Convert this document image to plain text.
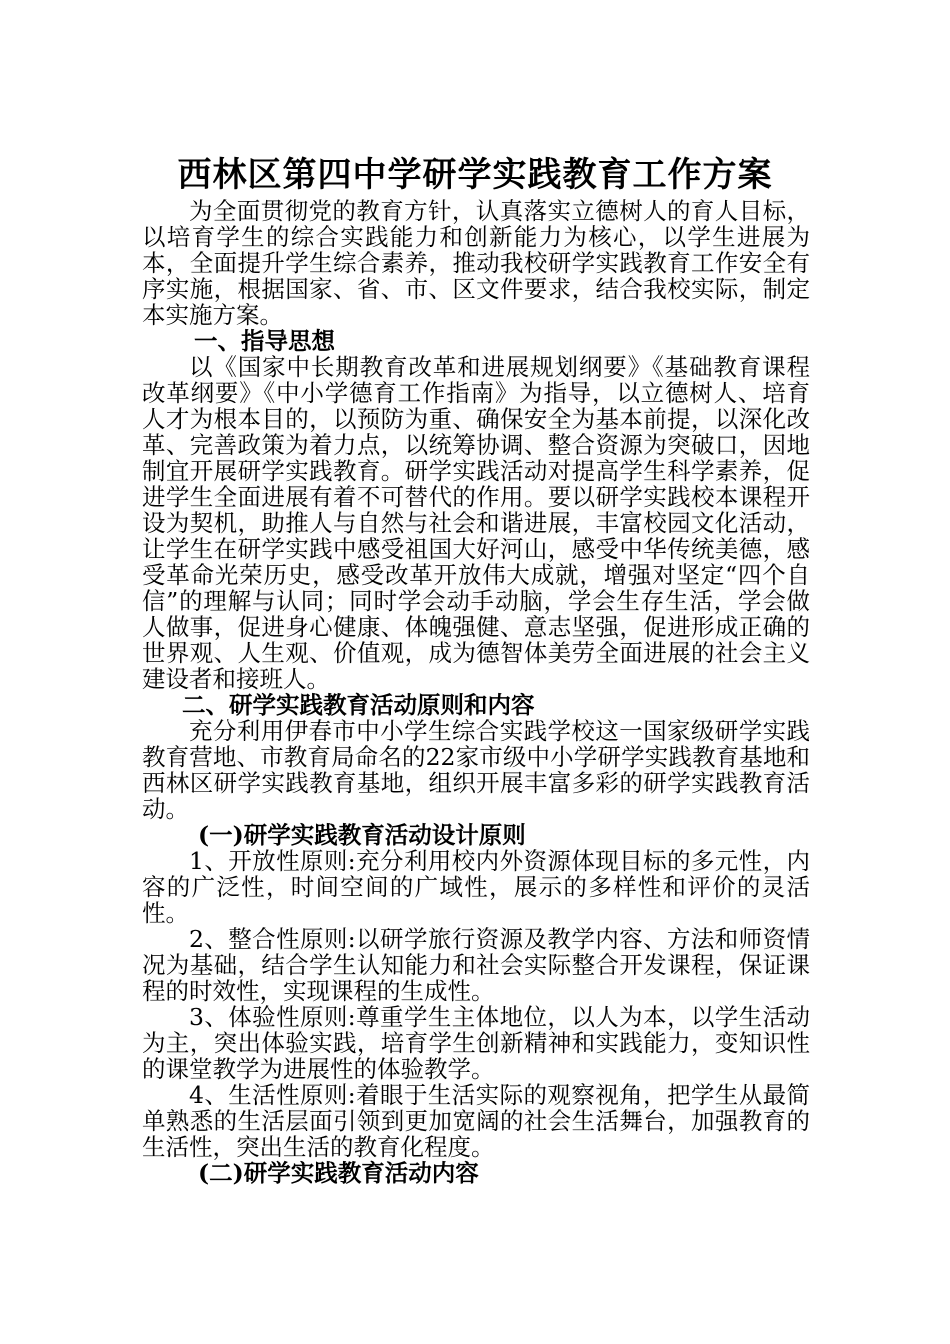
西林区第四中学研学实践教育工作方案

为全面贯彻党的教育方针，认真落实立德树人的育人目标，以培育学生的综合实践能力和创新能力为核心，以学生进展为本，全面提升学生综合素养，推动我校研学实践教育工作安全有序实施，根据国家、省、市、区文件要求，结合我校实际，制定本实施方案。

一、指导思想

以《国家中长期教育改革和进展规划纲要》《基础教育课程改革纲要》《中小学德育工作指南》为指导，以立德树人、培育人才为根本目的，以预防为重、确保安全为基本前提，以深化改革、完善政策为着力点，以统筹协调、整合资源为突破口，因地制宜开展研学实践教育。研学实践活动对提高学生科学素养，促进学生全面进展有着不可替代的作用。要以研学实践校本课程开设为契机，助推人与自然与社会和谐进展，丰富校园文化活动，让学生在研学实践中感受祖国大好河山，感受中华传统美德，感受革命光荣历史，感受改革开放伟大成就，增强对坚定“四个自信”的理解与认同；同时学会动手动脑，学会生存生活，学会做人做事，促进身心健康、体魄强健、意志坚强，促进形成正确的世界观、人生观、价值观，成为德智体美劳全面进展的社会主义建设者和接班人。

二、研学实践教育活动原则和内容

充分利用伊春市中小学生综合实践学校这一国家级研学实践教育营地、市教育局命名的22家市级中小学研学实践教育基地和西林区研学实践教育基地，组织开展丰富多彩的研学实践教育活动。

(一)研学实践教育活动设计原则

1、开放性原则:充分利用校内外资源体现目标的多元性，内容的广泛性，时间空间的广域性，展示的多样性和评价的灵活性。

2、整合性原则:以研学旅行资源及教学内容、方法和师资情况为基础，结合学生认知能力和社会实际整合开发课程，保证课程的时效性，实现课程的生成性。

3、体验性原则:尊重学生主体地位，以人为本，以学生活动为主，突出体验实践，培育学生创新精神和实践能力，变知识性的课堂教学为进展性的体验教学。

4、生活性原则:着眼于生活实际的观察视角，把学生从最简单熟悉的生活层面引领到更加宽阔的社会生活舞台，加强教育的生活性，突出生活的教育化程度。

(二)研学实践教育活动内容
